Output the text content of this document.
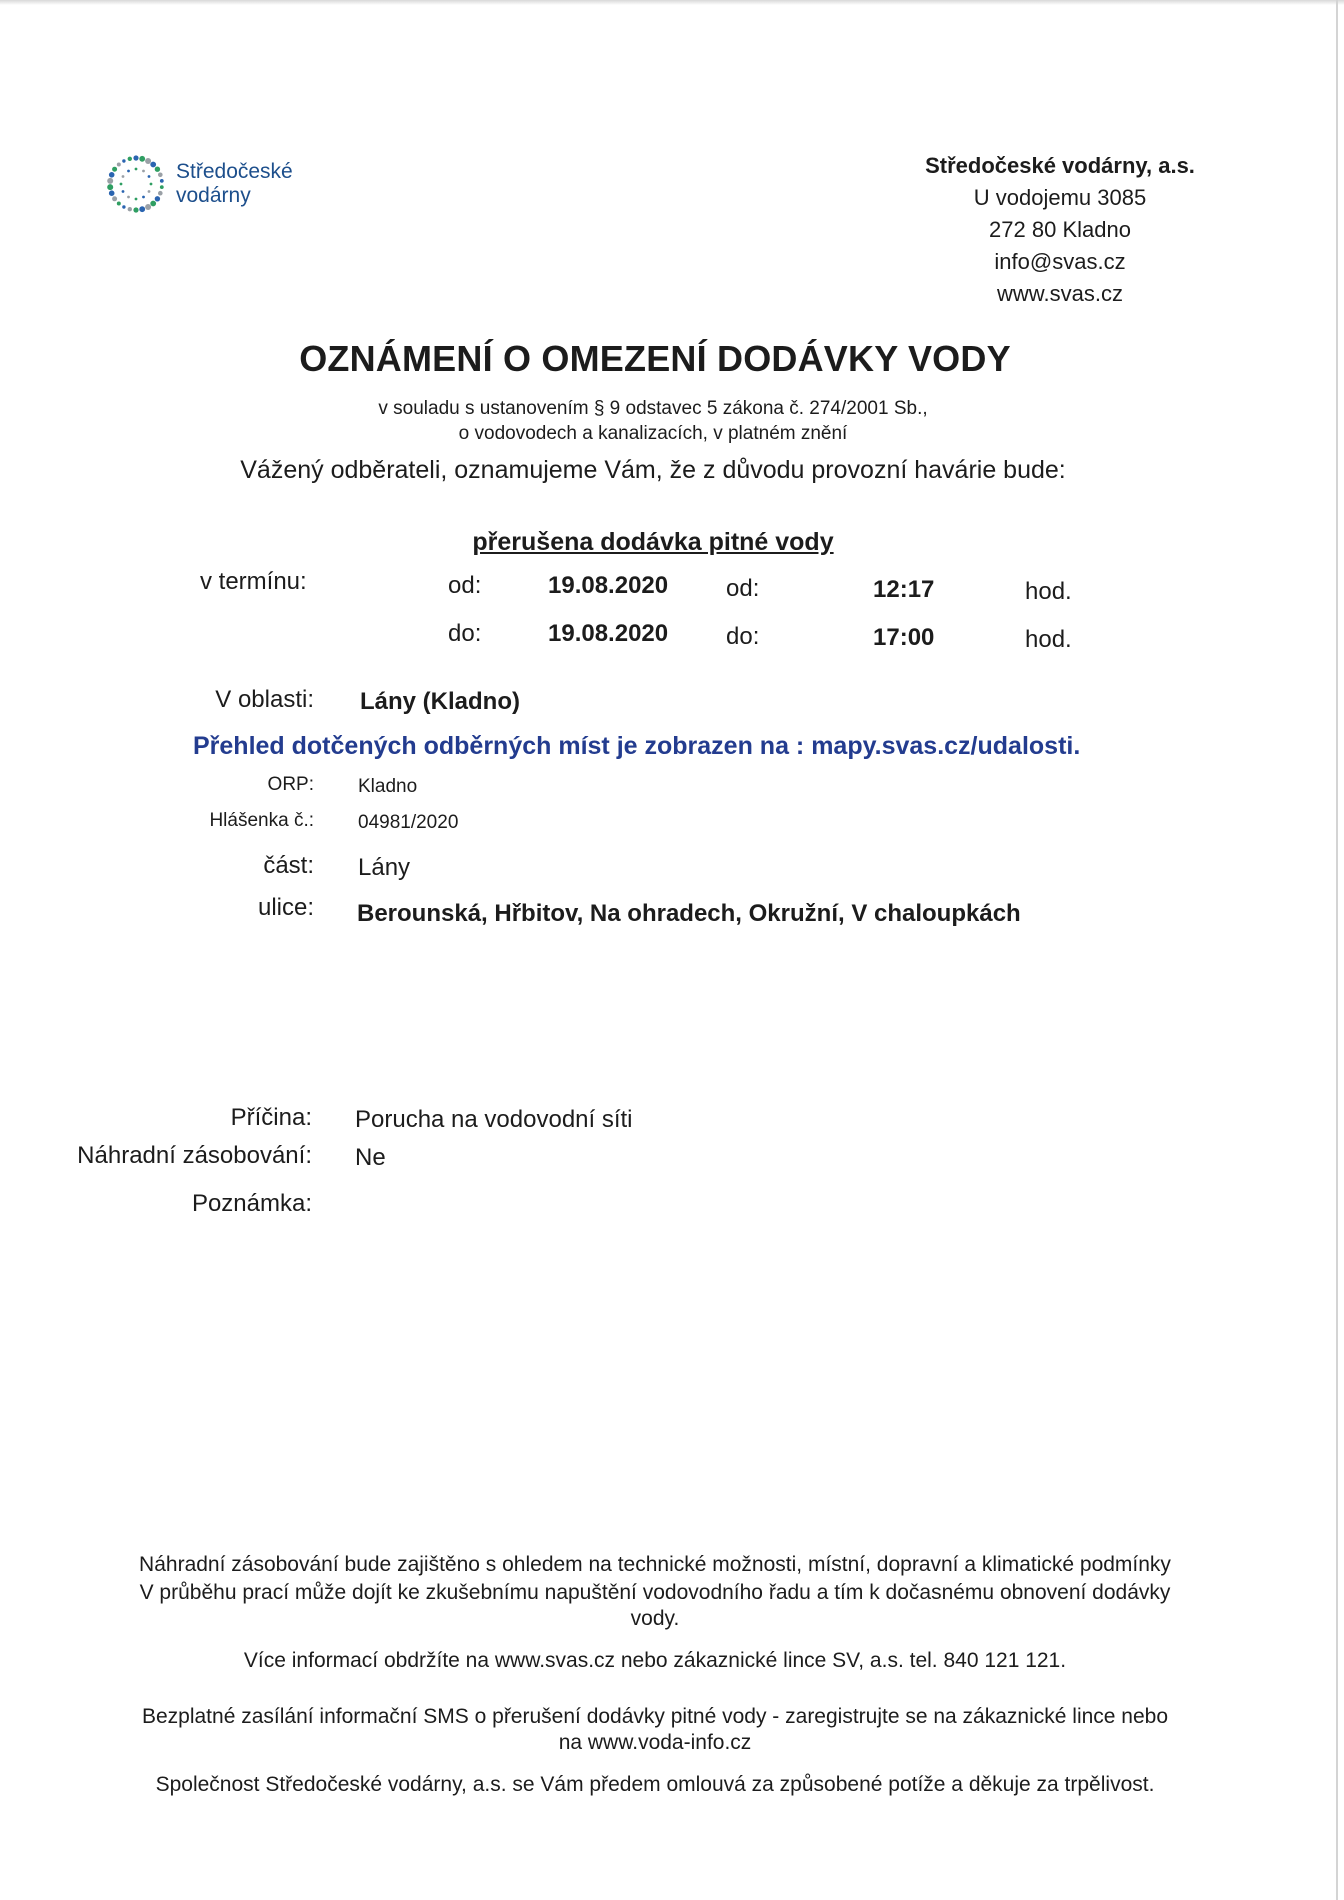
Středočeské
vodárny
Středočeské vodárny, a.s.
U vodojemu 3085
272 80 Kladno
info@svas.cz
www.svas.cz
OZNÁMENÍ O OMEZENÍ DODÁVKY VODY
v souladu s ustanovením § 9 odstavec 5 zákona č. 274/2001 Sb.,
o vodovodech a kanalizacích, v platném znění
Vážený odběrateli, oznamujeme Vám, že z důvodu provozní havárie bude:
přerušena dodávka pitné vody
v termínu:	od:	19.08.2020 od:	12:17	hod.
do:	19.08.2020 do:	17:00	hod.
V oblasti: Lány (Kladno)
Přehled dotčených odběrných míst je zobrazen na : mapy.svas.cz/udalosti.
ORP: Kladno
Hlášenka č.: 04981/2020
část: Lány
ulice: Berounská, Hřbitov, Na ohradech, Okružní, V chaloupkách
Příčina: Porucha na vodovodní síti
Náhradní zásobování: Ne
Poznámka:
Náhradní zásobování bude zajištěno s ohledem na technické možnosti, místní, dopravní a klimatické podmínky
V průběhu prací může dojít ke zkušebnímu napuštění vodovodního řadu a tím k dočasnému obnovení dodávky
vody.
Více informací obdržíte na www.svas.cz nebo zákaznické lince SV, a.s. tel. 840 121 121.
Bezplatné zasílání informační SMS o přerušení dodávky pitné vody - zaregistrujte se na zákaznické lince nebo
na www.voda-info.cz
Společnost Středočeské vodárny, a.s. se Vám předem omlouvá za způsobené potíže a děkuje za trpělivost.
